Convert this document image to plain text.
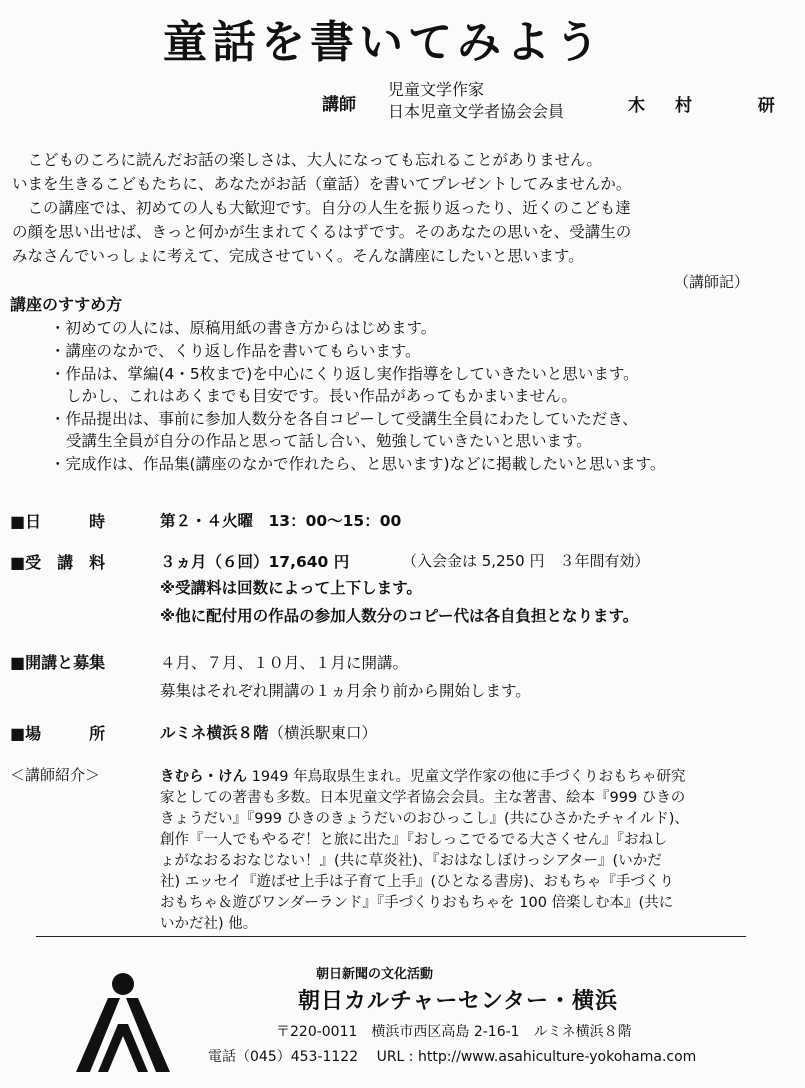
童話を書いてみよう
講師
児童文学作家
日本児童文学者協会会員	木村 研
　こどものころに読んだお話の楽しさは、大人になっても忘れることがありません。
いまを生きるこどもたちに、あなたがお話（童話）を書いてプレゼントしてみませんか。
　この講座では、初めての人も大歓迎です。自分の人生を振り返ったり、近くのこども達
の顔を思い出せば、きっと何かが生まれてくるはずです。そのあなたの思いを、受講生の
みなさんでいっしょに考えて、完成させていく。そんな講座にしたいと思います。
（講師記）
講座のすすめ方
・初めての人には、原稿用紙の書き方からはじめます。
・講座のなかで、くり返し作品を書いてもらいます。
・作品は、掌編(4・5枚まで)を中心にくり返し実作指導をしていきたいと思います。
しかし、これはあくまでも目安です。長い作品があってもかまいません。
・作品提出は、事前に参加人数分を各自コピーして受講生全員にわたしていただき、
受講生全員が自分の作品と思って話し合い、勉強していきたいと思います。
・完成作は、作品集(講座のなかで作れたら、と思います)などに掲載したいと思います。
■日　　　時	第２・４火曜　13：00～15：00
■受　講　料	３ヵ月（６回）17,640 円	（入会金は 5,250 円　３年間有効）
※受講料は回数によって上下します。
※他に配付用の作品の参加人数分のコピー代は各自負担となります。
■開講と募集	４月、７月、１０月、１月に開講。
募集はそれぞれ開講の１ヵ月余り前から開始します。
■場　　　所	ルミネ横浜８階（横浜駅東口）
＜講師紹介＞	きむら・けん 1949 年鳥取県生まれ。児童文学作家の他に手づくりおもちゃ研究
家としての著書も多数。日本児童文学者協会会員。主な著書、絵本『999 ひきの
きょうだい』『999 ひきのきょうだいのおひっこし』(共にひさかたチャイルド)、
創作『一人でもやるぞ！と旅に出た』『おしっこでるでる大さくせん』『おねし
ょがなおるおなじない！』(共に草炎社)、『おはなしぼけっシアター』(いかだ
社) エッセイ『遊ばせ上手は子育て上手』(ひとなる書房)、おもちゃ『手づくり
おもちゃ＆遊びワンダーランド』『手づくりおもちゃを 100 倍楽しむ本』(共に
いかだ社) 他。
朝日新聞の文化活動
朝日カルチャーセンター・横浜
〒220-0011　横浜市西区高島 2-16-1　ルミネ横浜８階
電話（045）453-1122　 URL : http://www.asahiculture-yokohama.com
